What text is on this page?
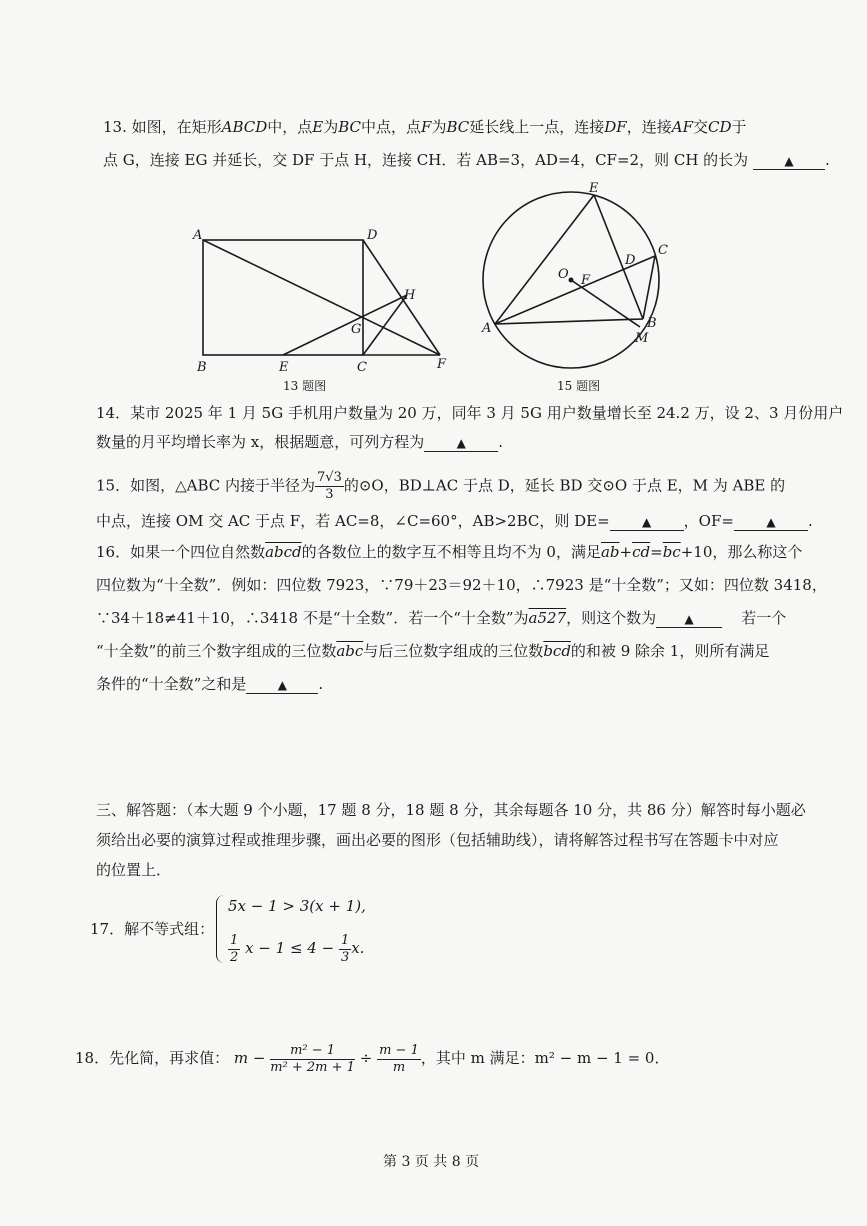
13. 如图，在矩形ABCD中，点E为BC中点，点F为BC延长线上一点，连接DF，连接AF交CD于
点 G，连接 EG 并延长，交 DF 于点 H，连接 CH．若 AB=3，AD=4，CF=2，则 CH 的长为	▲ .
A	D
B	E	C	F
G
H
13 题图
E
C
D
O F
A	B
M
15 题图
14．某市 2025 年 1 月 5G 手机用户数量为 20 万，同年 3 月 5G 用户数量增长至 24.2 万，设 2、3 月份用户
数量的月平均增长率为 x，根据题意，可列方程为	▲ .
15．如图，△ABC 内接于半径为 $\frac{7√3}{3}$ 的⊙O，BD⊥AC 于点 D，延长 BD 交⊙O 于点 E，M 为 ABE 的
中点，连接 OM 交 AC 于点 F，若 AC=8，∠C=60°，AB>2BC，则 DE=	▲ ，OF=	▲ .
16．如果一个四位自然数abcd的各数位上的数字互不相等且均不为 0，满足$\overline{ab}+\overline{cd}=\overline{bc}+10$，那么称这个
四位数为“十全数”．例如：四位数 7923，∵79＋23＝92＋10，∴7923 是“十全数”；又如：四位数 3418，
∵34＋18≠41＋10，∴3418 不是“十全数”．若一个“十全数”为a527，则这个数为 ▲	若一个
“十全数”的前三个数字组成的三位数$\overline{abc}$与后三位数字组成的三位数$\overline{bcd}$的和被 9 除余 1，则所有满足
条件的“十全数”之和是	▲ .
三、解答题：（本大题 9 个小题，17 题 8 分，18 题 8 分，其余每题各 10 分，共 86 分）解答时每小题必
须给出必要的演算过程或推理步骤，画出必要的图形（包括辅助线），请将解答过程书写在答题卡中对应
的位置上．
17．解不等式组：
5x − 1 > 3(x + 1),
$\frac{1}{2}$ $x - 1 \le 4 - \frac{1}{3} x$.
18．先化简，再求值： $m - \frac{\text{m² − 1}}{\text{m² + 2m + 1}} \div \frac{m - 1}{m}$ ，其中 m 满足：m² − m − 1 = 0．
第 3 页 共 8 页
